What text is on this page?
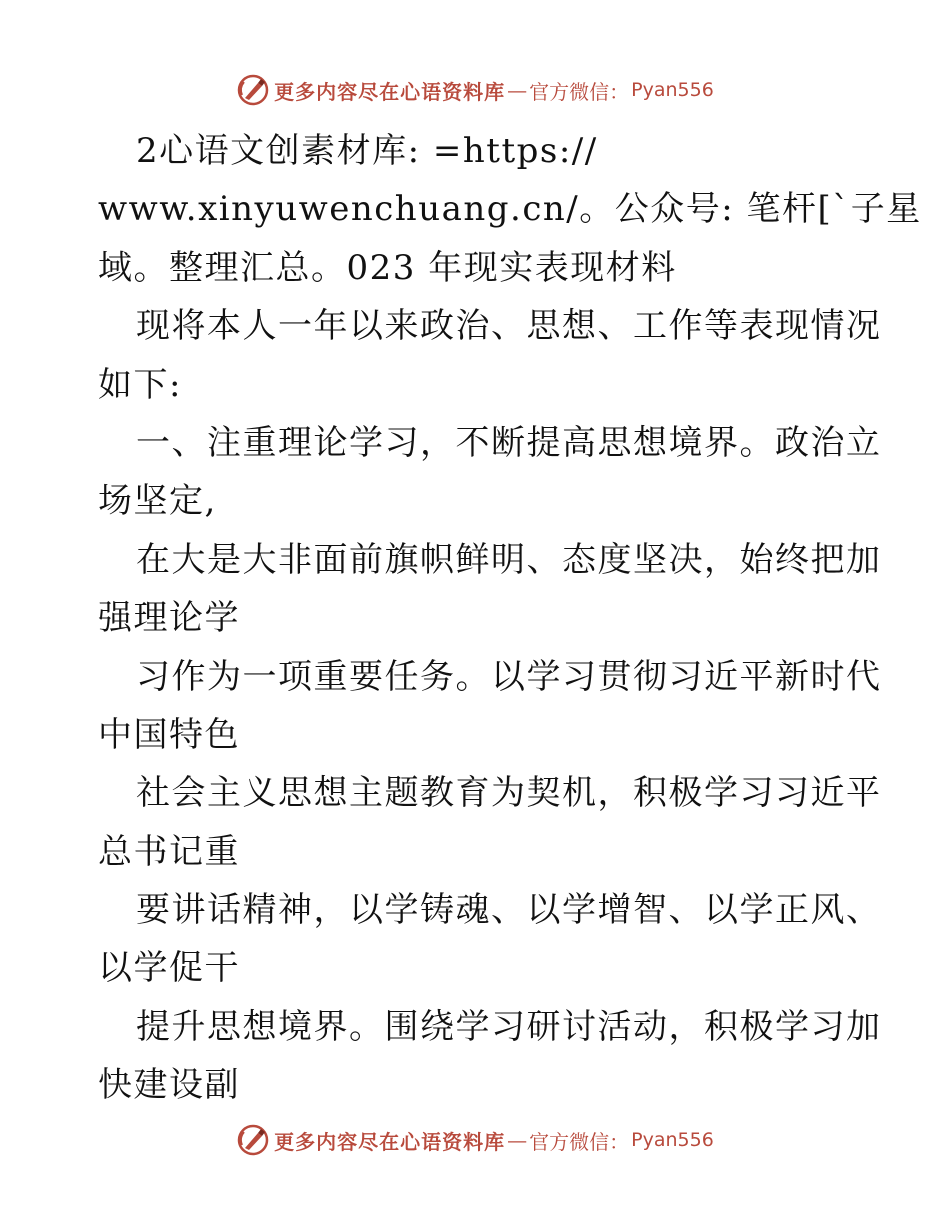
更多内容尽在心语资料库 — 官方微信： Pyan556
2心语文创素材库: =https://
www.xinyuwenchuang.cn/。公众号: 笔杆[`子星
域。整理汇总。023 年现实表现材料
现将本人一年以来政治、思想、工作等表现情况
如下:
一、注重理论学习，不断提高思想境界。政治立
场坚定,
在大是大非面前旗帜鲜明、态度坚决，始终把加
强理论学
习作为一项重要任务。以学习贯彻习近平新时代
中国特色
社会主义思想主题教育为契机，积极学习习近平
总书记重
要讲话精神，以学铸魂、以学增智、以学正风、
以学促干
提升思想境界。围绕学习研讨活动，积极学习加
快建设副
更多内容尽在心语资料库 — 官方微信： Pyan556
